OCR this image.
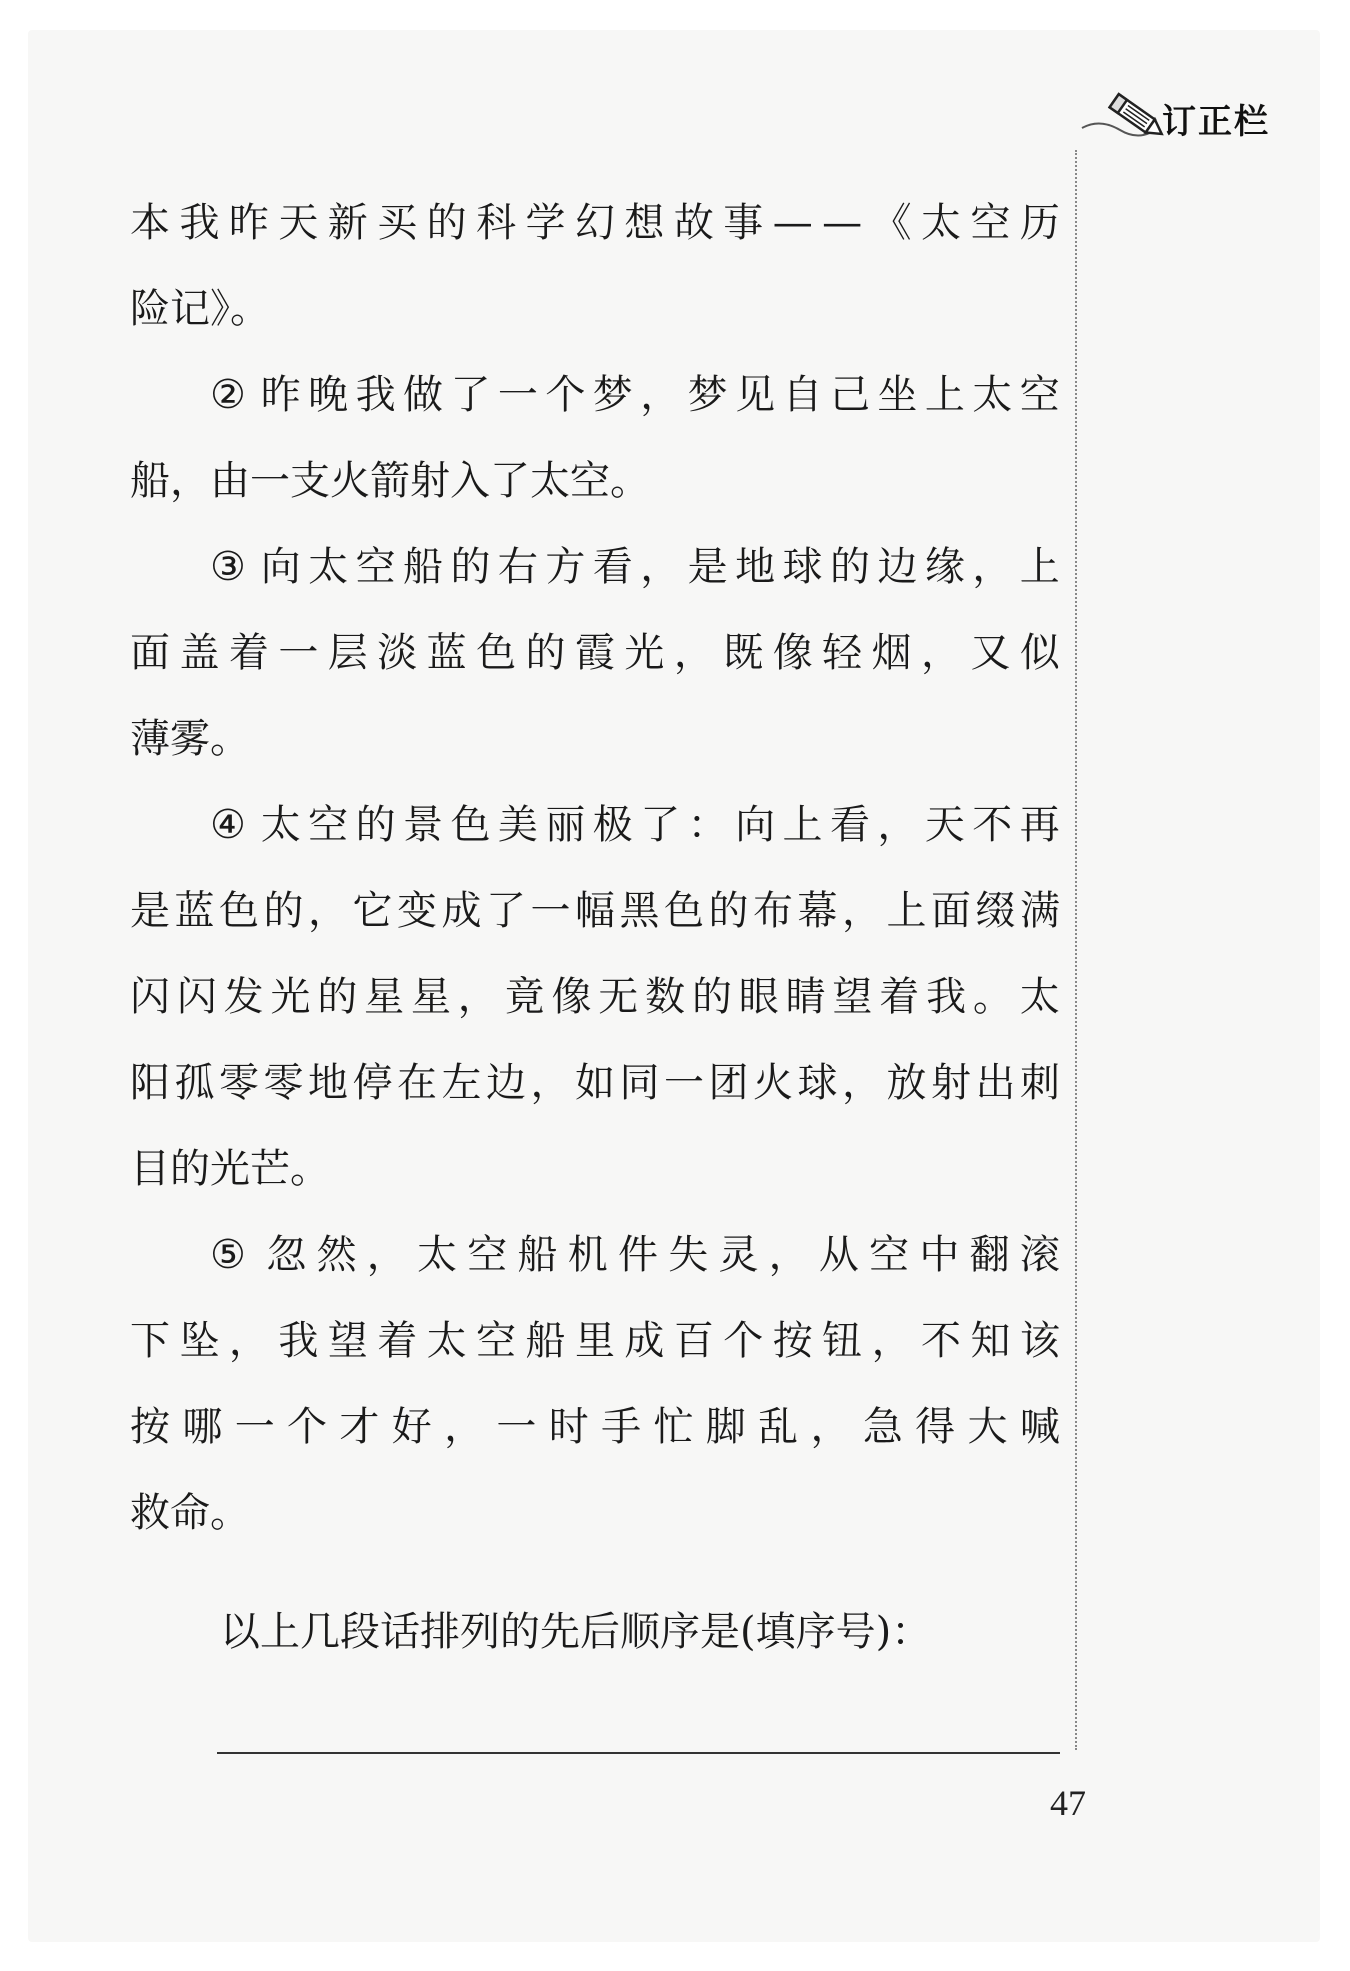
订正栏
本 我 昨 天 新 买 的 科 学 幻 想 故 事 — — 《 太 空 历
险记》。
② 昨 晚 我 做 了 一 个 梦 ， 梦 见 自 己 坐 上 太 空
船，由一支火箭射入了太空。
③ 向 太 空 船 的 右 方 看 ， 是 地 球 的 边 缘 ， 上
面 盖 着 一 层 淡 蓝 色 的 霞 光 ， 既 像 轻 烟 ， 又 似
薄雾。
④ 太 空 的 景 色 美 丽 极 了 ： 向 上 看 ， 天 不 再
是 蓝 色 的 ， 它 变 成 了 一 幅 黑 色 的 布 幕 ， 上 面 缀 满
闪 闪 发 光 的 星 星 ， 竟 像 无 数 的 眼 睛 望 着 我 。 太
阳 孤 零 零 地 停 在 左 边 ， 如 同 一 团 火 球 ， 放 射 出 刺
目的光芒。
⑤ 忽 然 ， 太 空 船 机 件 失 灵 ， 从 空 中 翻 滚
下 坠 ， 我 望 着 太 空 船 里 成 百 个 按 钮 ， 不 知 该
按 哪 一 个 才 好 ， 一 时 手 忙 脚 乱 ， 急 得 大 喊
救命。
以上几段话排列的先后顺序是(填序号)：
47
